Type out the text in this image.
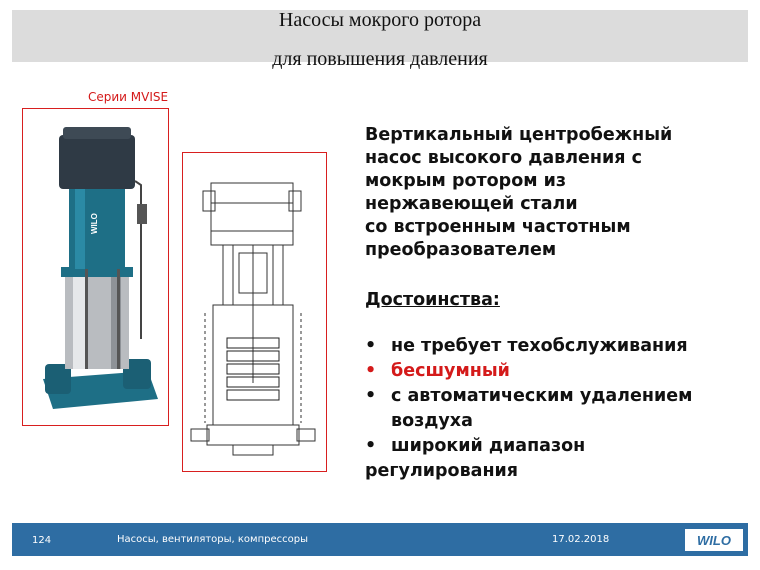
Насосы мокрого ротора
для повышения давления
Серии MVISE
WILO
Вертикальный центробежный
насос высокого давления с
мокрым ротором из
нержавеющей стали
со встроенным частотным
преобразователем
Достоинства:
• не требует техобслуживания
• бесшумный
• с автоматическим удалением
воздуха
• широкий диапазон
регулирования
124	Насосы, вентиляторы, компрессоры	17.02.2018	WILO
